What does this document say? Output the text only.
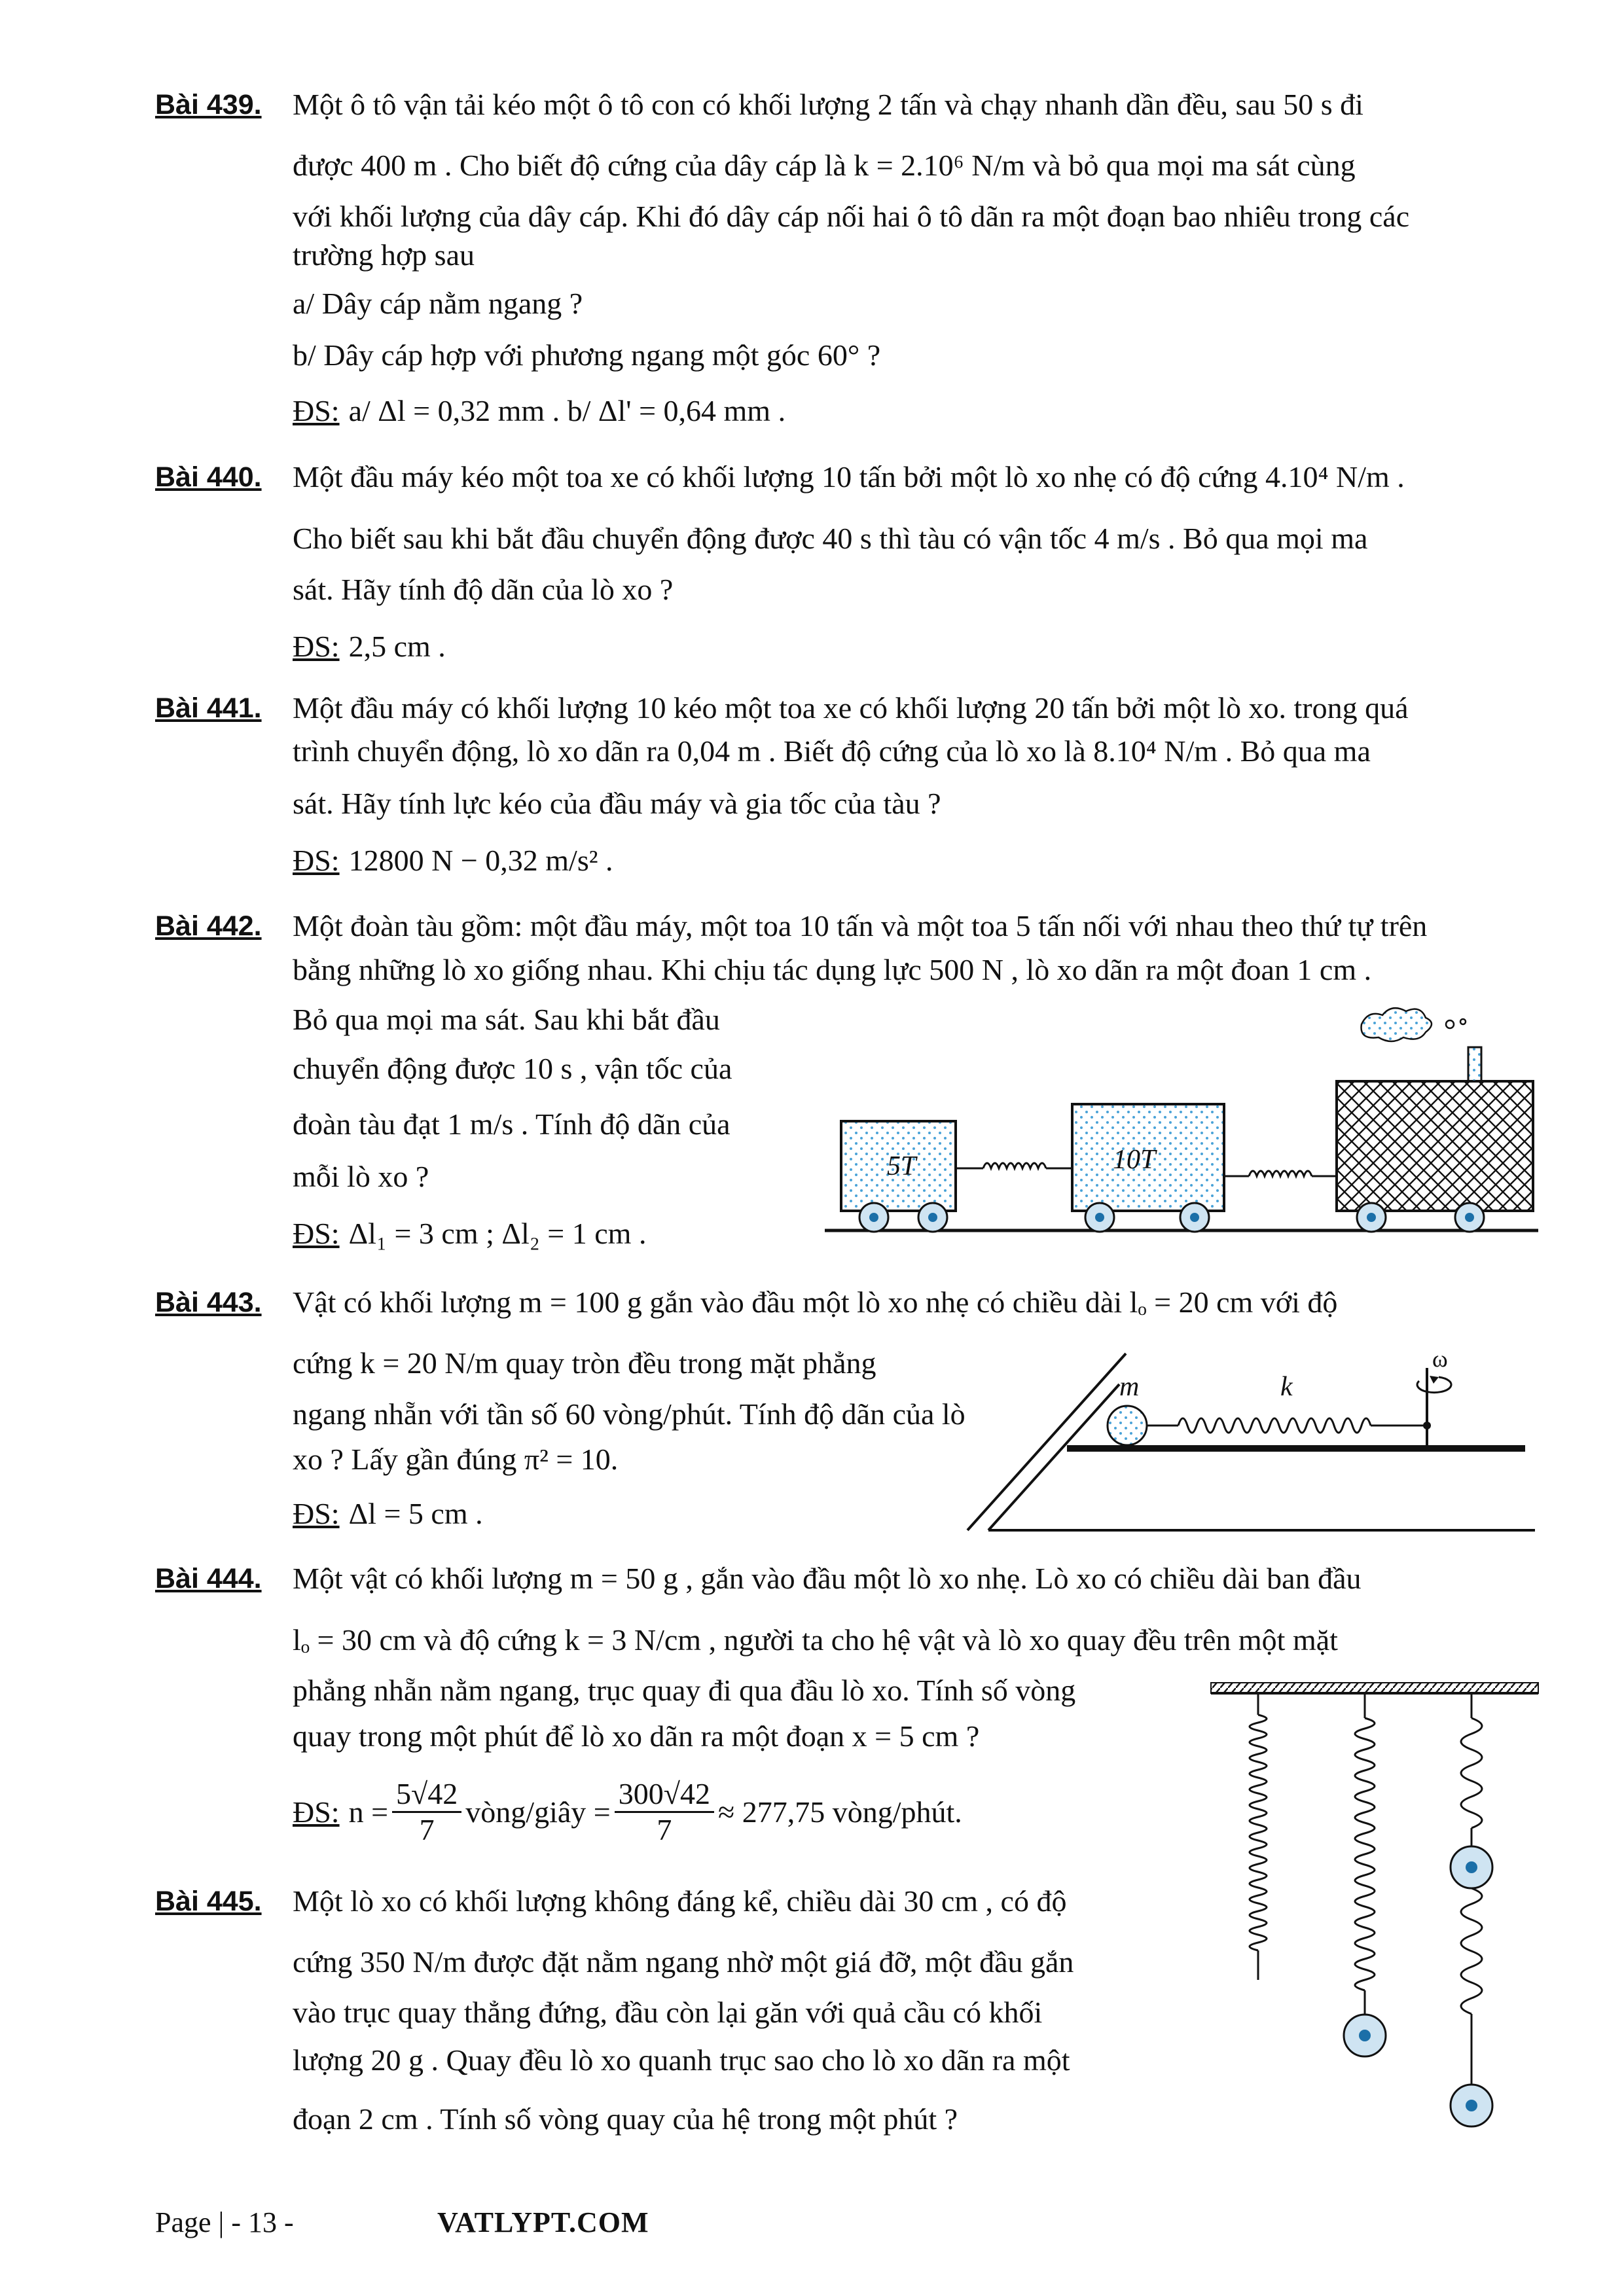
Bài 439. Một ô tô vận tải kéo một ô tô con có khối lượng 2 tấn và chạy nhanh dần đều, sau 50 s đi
được 400 m . Cho biết độ cứng của dây cáp là k = 2.10⁶ N/m và bỏ qua mọi ma sát cùng
với khối lượng của dây cáp. Khi đó dây cáp nối hai ô tô dãn ra một đoạn bao nhiêu trong các
trường hợp sau
a/ Dây cáp nằm ngang ?
b/ Dây cáp hợp với phương ngang một góc 60° ?
ĐS: a/ Δl = 0,32 mm . b/ Δl' = 0,64 mm .
Bài 440. Một đầu máy kéo một toa xe có khối lượng 10 tấn bởi một lò xo nhẹ có độ cứng 4.10⁴ N/m .
Cho biết sau khi bắt đầu chuyển động được 40 s thì tàu có vận tốc 4 m/s . Bỏ qua mọi ma
sát. Hãy tính độ dãn của lò xo ?
ĐS: 2,5 cm .
Bài 441. Một đầu máy có khối lượng 10 kéo một toa xe có khối lượng 20 tấn bởi một lò xo. trong quá
trình chuyển động, lò xo dãn ra 0,04 m . Biết độ cứng của lò xo là 8.10⁴ N/m . Bỏ qua ma
sát. Hãy tính lực kéo của đầu máy và gia tốc của tàu ?
ĐS: 12800 N − 0,32 m/s² .
Bài 442. Một đoàn tàu gồm: một đầu máy, một toa 10 tấn và một toa 5 tấn nối với nhau theo thứ tự trên
bằng những lò xo giống nhau. Khi chịu tác dụng lực 500 N , lò xo dãn ra một đoan 1 cm .
Bỏ qua mọi ma sát. Sau khi bắt đầu
chuyển động được 10 s , vận tốc của
đoàn tàu đạt 1 m/s . Tính độ dãn của
mỗi lò xo ?
ĐS: Δl₁ = 3 cm ; Δl₂ = 1 cm .
5T	10T
Bài 443. Vật có khối lượng m = 100 g gắn vào đầu một lò xo nhẹ có chiều dài lₒ = 20 cm với độ
cứng k = 20 N/m quay tròn đều trong mặt phẳng
ngang nhẵn với tần số 60 vòng/phút. Tính độ dãn của lò
xo ? Lấy gần đúng π² = 10.
ĐS: Δl = 5 cm .
m	k
ω
Bài 444. Một vật có khối lượng m = 50 g , gắn vào đầu một lò xo nhẹ. Lò xo có chiều dài ban đầu
lₒ = 30 cm và độ cứng k = 3 N/cm , người ta cho hệ vật và lò xo quay đều trên một mặt
phẳng nhẵn nằm ngang, trục quay đi qua đầu lò xo. Tính số vòng
quay trong một phút để lò xo dãn ra một đoạn x = 5 cm ?
ĐS: $n = \frac{5√42}{7}$ vòng/giây = $\frac{300√42}{7} \approx 277,75$ vòng/phút.
Bài 445. Một lò xo có khối lượng không đáng kể, chiều dài 30 cm , có độ
cứng 350 N/m được đặt nằm ngang nhờ một giá đỡ, một đầu gắn
vào trục quay thẳng đứng, đầu còn lại găn với quả cầu có khối
lượng 20 g . Quay đều lò xo quanh trục sao cho lò xo dãn ra một
đoạn 2 cm . Tính số vòng quay của hệ trong một phút ?
Page | - 13 -	VATLYPT.COM
